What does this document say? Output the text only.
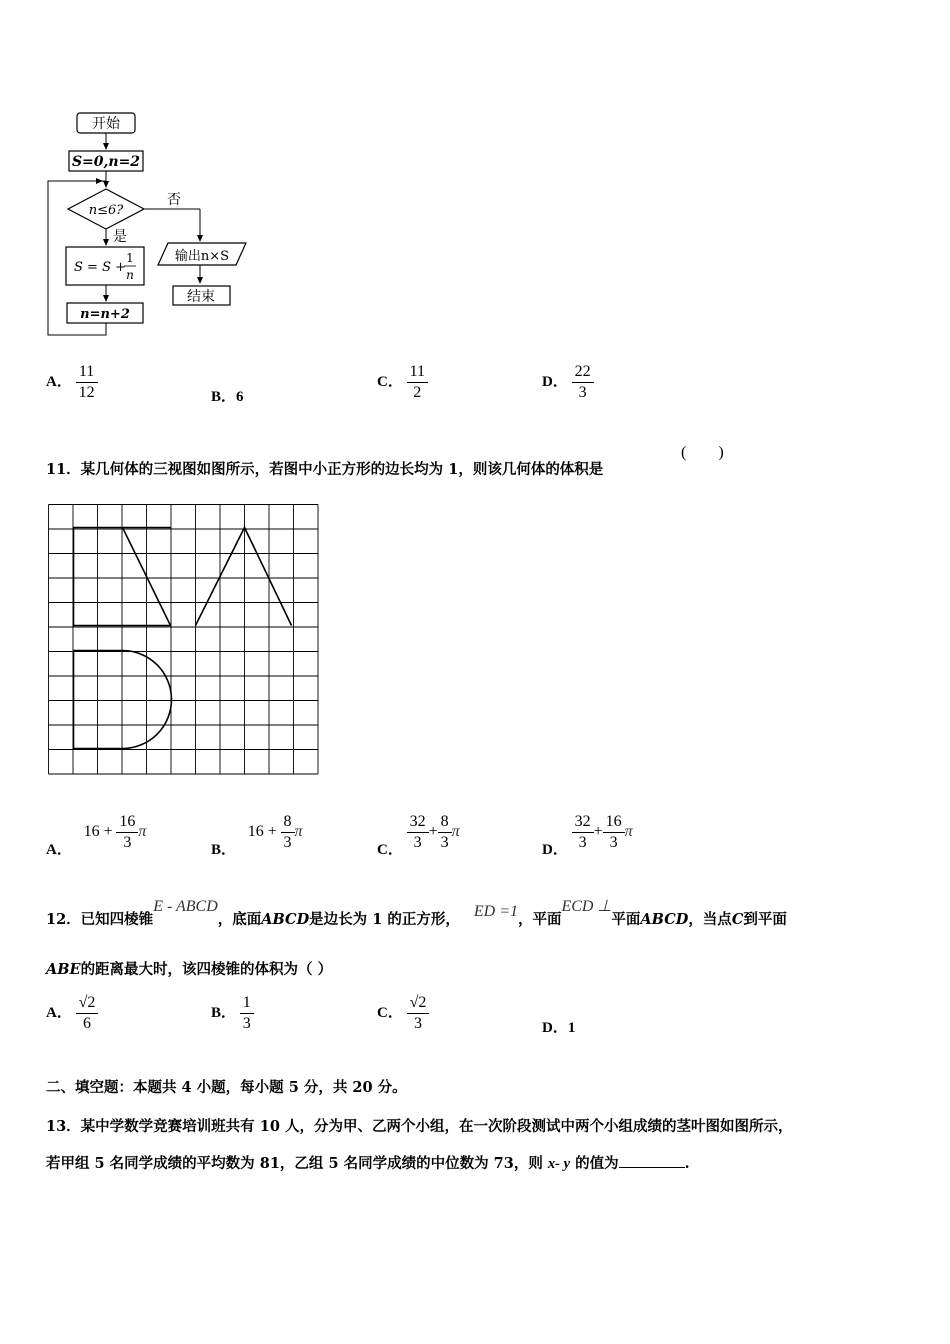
开始
S=0,n=2
n≤6?
否
输出n×S
结束
是
S = S +
1
n
n=n+2
A． $\frac{11}{12}$	B．6
C． $\frac{11}{2}$	D． $\frac{22}{3}$
11．某几何体的三视图如图所示，若图中小正方形的边长均为 1，则该几何体的体积是
(        )
A． $16 + \frac{16}{3}$ π
B． $16 + \frac{8}{3}$ π
C． $\frac{32}{3} + \frac{8}{3}$ π
D． $\frac{32}{3} + \frac{16}{3}$ π
12．已知四棱锥E - ABCD，底面ABCD是边长为 1 的正方形， ED =1，平面ECD ⊥平面ABCD，当点C到平面
ABE的距离最大时，该四棱锥的体积为（ ）
A． $\frac{√2}{6}$	B． $\frac{1}{3}$	C． $\frac{√2}{3}$	D．1
二、填空题：本题共 4 小题，每小题 5 分，共 20 分。
13．某中学数学竞赛培训班共有 10 人，分为甲、乙两个小组，在一次阶段测试中两个小组成绩的茎叶图如图所示，
若甲组 5 名同学成绩的平均数为 81，乙组 5 名同学成绩的中位数为 73，则 x- y 的值为	.
